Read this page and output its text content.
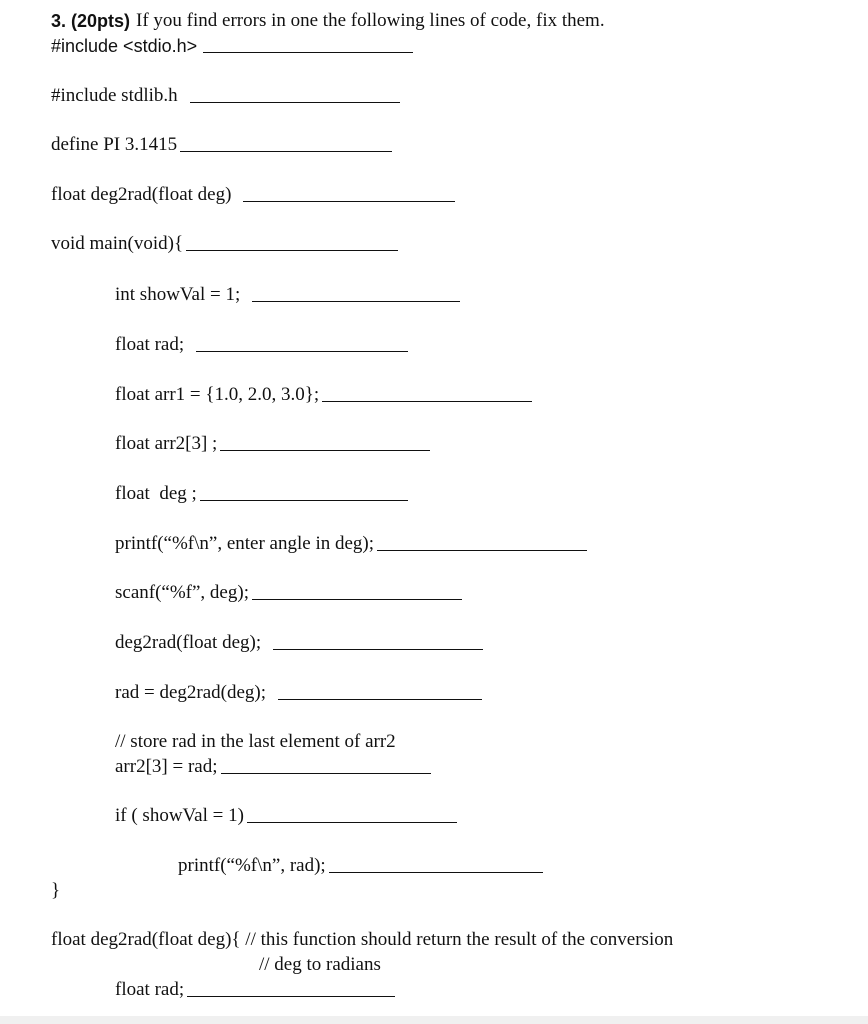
3. (20pts) If you find errors in one the following lines of code, fix them.
#include <stdio.h>
#include stdlib.h
define PI 3.1415
float deg2rad(float deg)
void main(void){
int showVal = 1;
float rad;
float arr1 = {1.0, 2.0, 3.0};
float arr2[3] ;
float  deg ;
printf(“%f\n”, enter angle in deg);
scanf(“%f”, deg);
deg2rad(float deg);
rad = deg2rad(deg);
// store rad in the last element of arr2
arr2[3] = rad;
if ( showVal = 1)
printf(“%f\n”, rad);
}
float deg2rad(float deg){ // this function should return the result of the conversion
// deg to radians
float rad;
